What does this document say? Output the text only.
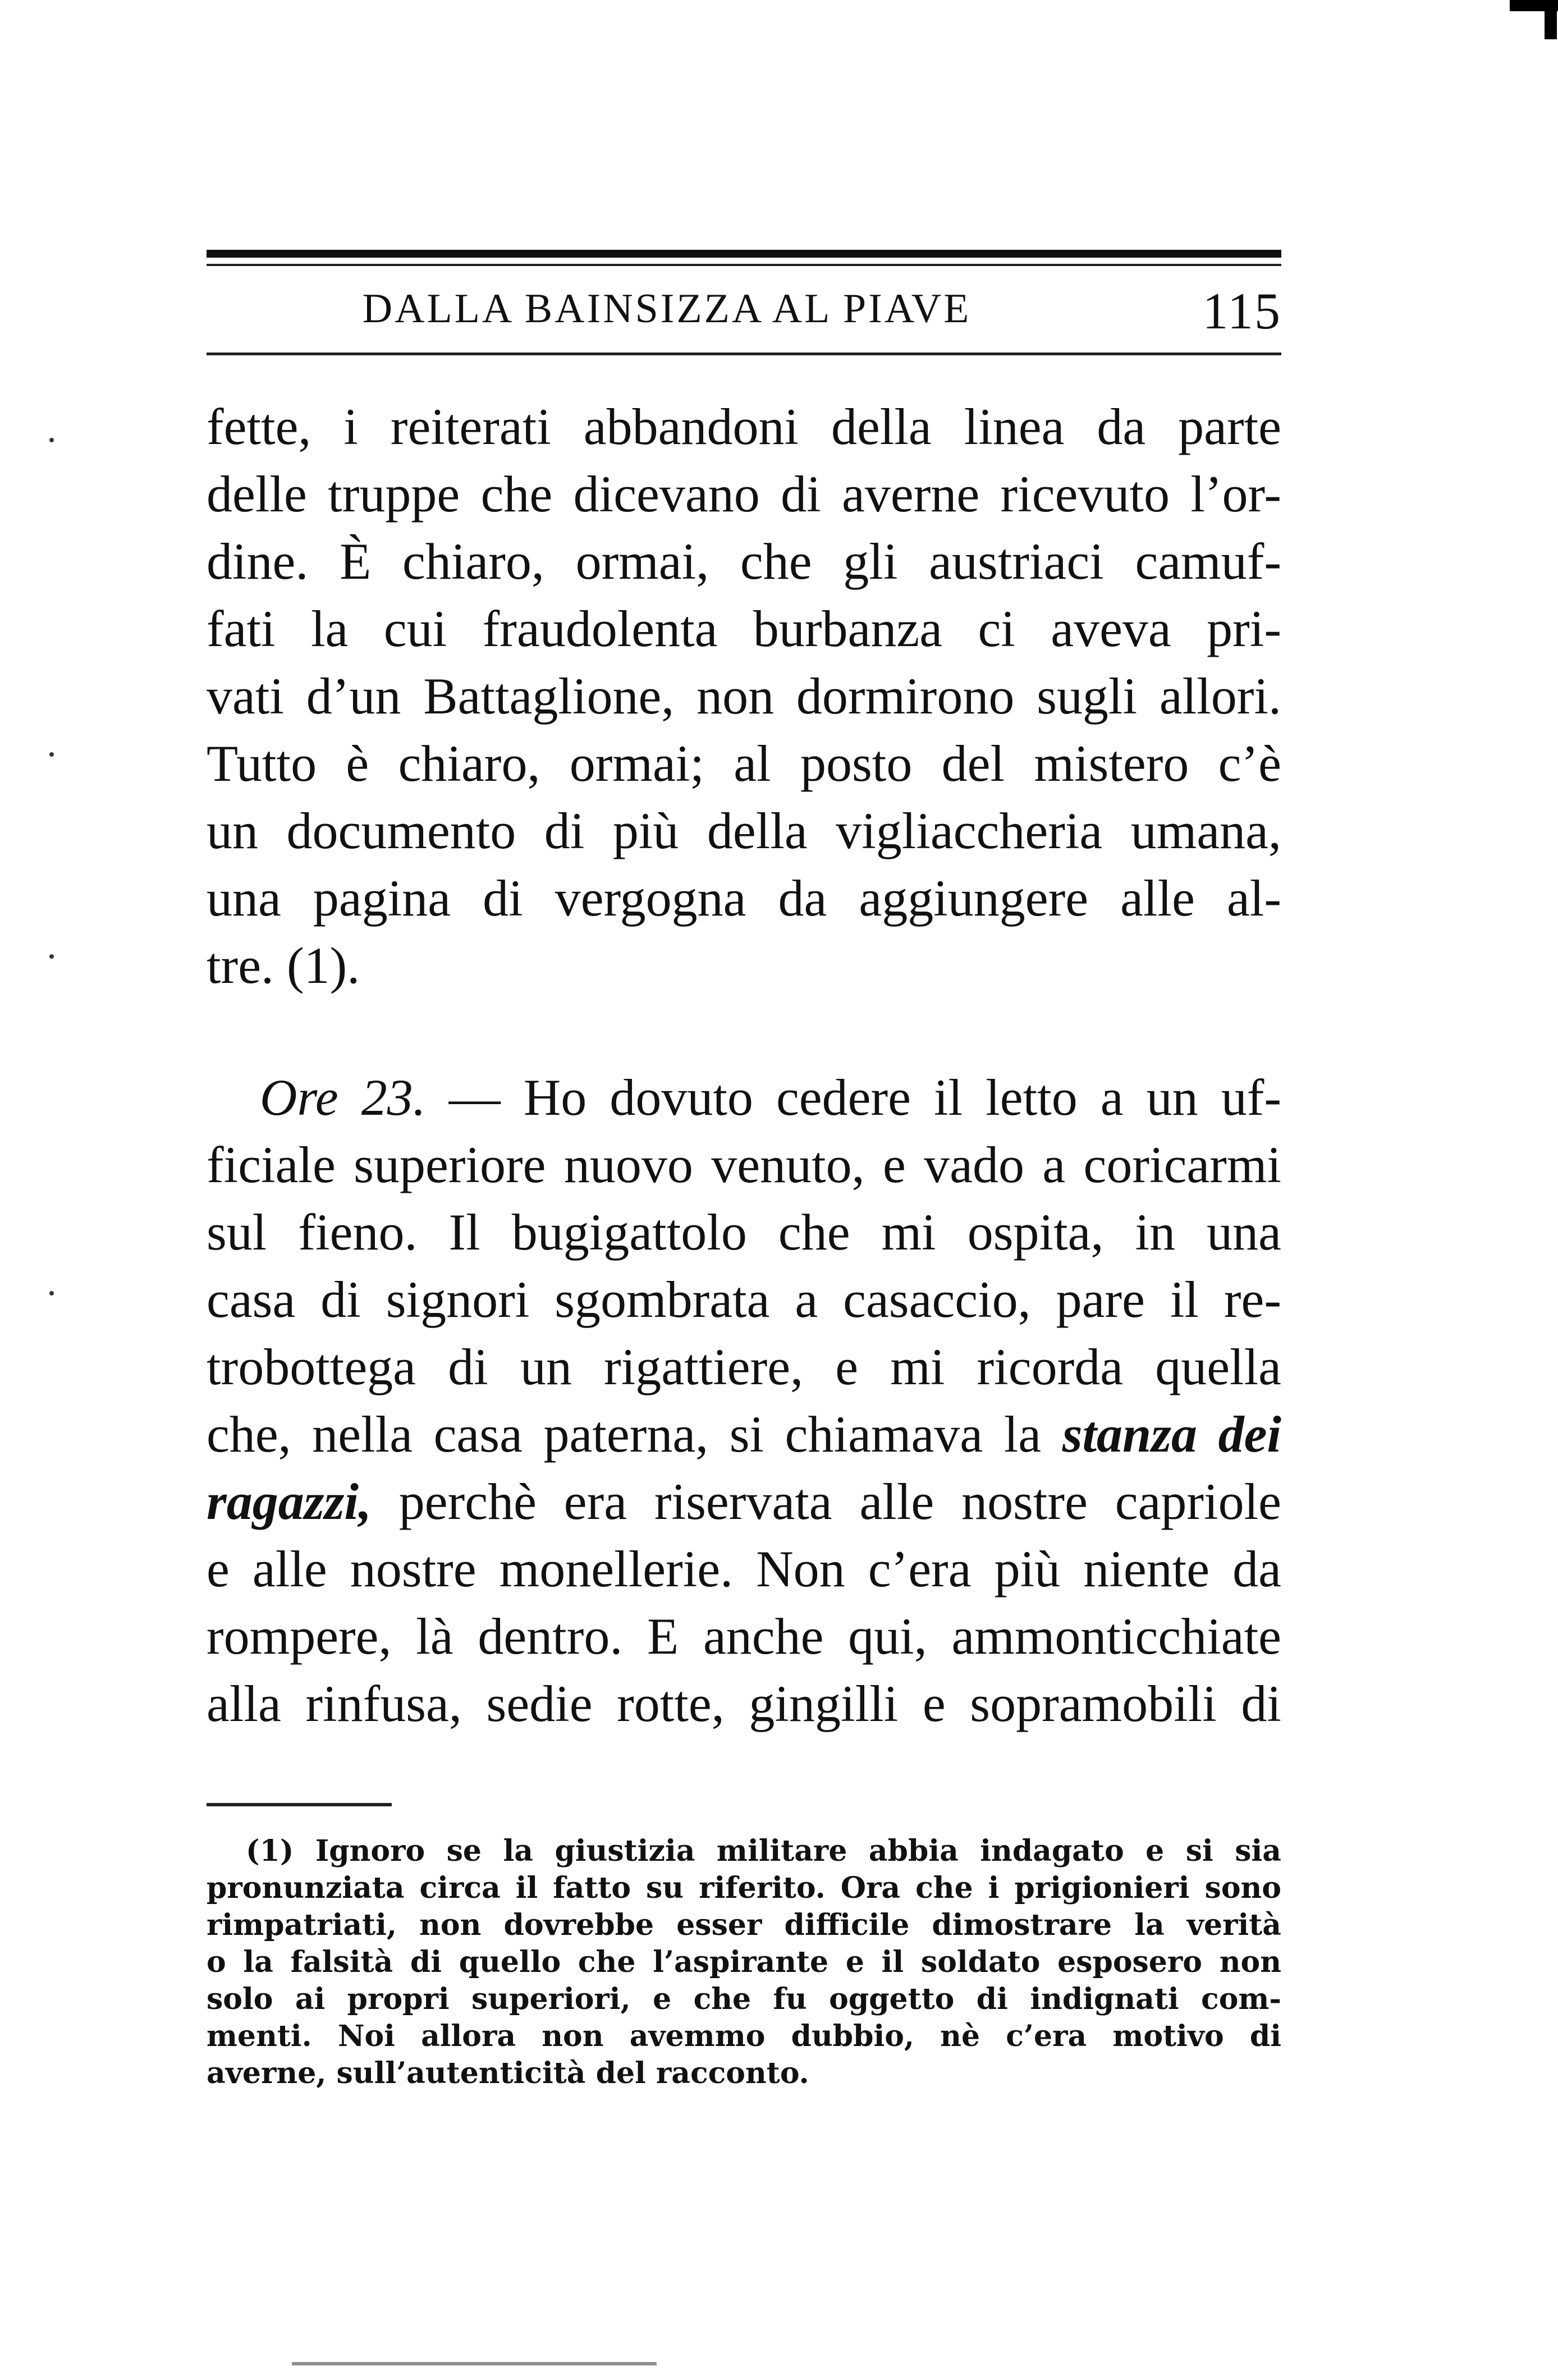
DALLA BAINSIZZA AL PIAVE	115
fette, i reiterati abbandoni della linea da parte
delle truppe che dicevano di averne ricevuto l’or-
dine. È chiaro, ormai, che gli austriaci camuf-
fati la cui fraudolenta burbanza ci aveva pri-
vati d’un Battaglione, non dormirono sugli allori.
Tutto è chiaro, ormai; al posto del mistero c’è
un documento di più della vigliaccheria umana,
una pagina di vergogna da aggiungere alle al-
tre. (1).
Ore 23. — Ho dovuto cedere il letto a un uf-
ficiale superiore nuovo venuto, e vado a coricarmi
sul fieno. Il bugigattolo che mi ospita, in una
casa di signori sgombrata a casaccio, pare il re-
trobottega di un rigattiere, e mi ricorda quella
che, nella casa paterna, si chiamava la stanza dei
ragazzi, perchè era riservata alle nostre capriole
e alle nostre monellerie. Non c’era più niente da
rompere, là dentro. E anche qui, ammonticchiate
alla rinfusa, sedie rotte, gingilli e sopramobili di
(1) Ignoro se la giustizia militare abbia indagato e si sia
pronunziata circa il fatto su riferito. Ora che i prigionieri sono
rimpatriati, non dovrebbe esser difficile dimostrare la verità
o la falsità di quello che l’aspirante e il soldato esposero non
solo ai propri superiori, e che fu oggetto di indignati com-
menti. Noi allora non avemmo dubbio, nè c’era motivo di
averne, sull’autenticità del racconto.
